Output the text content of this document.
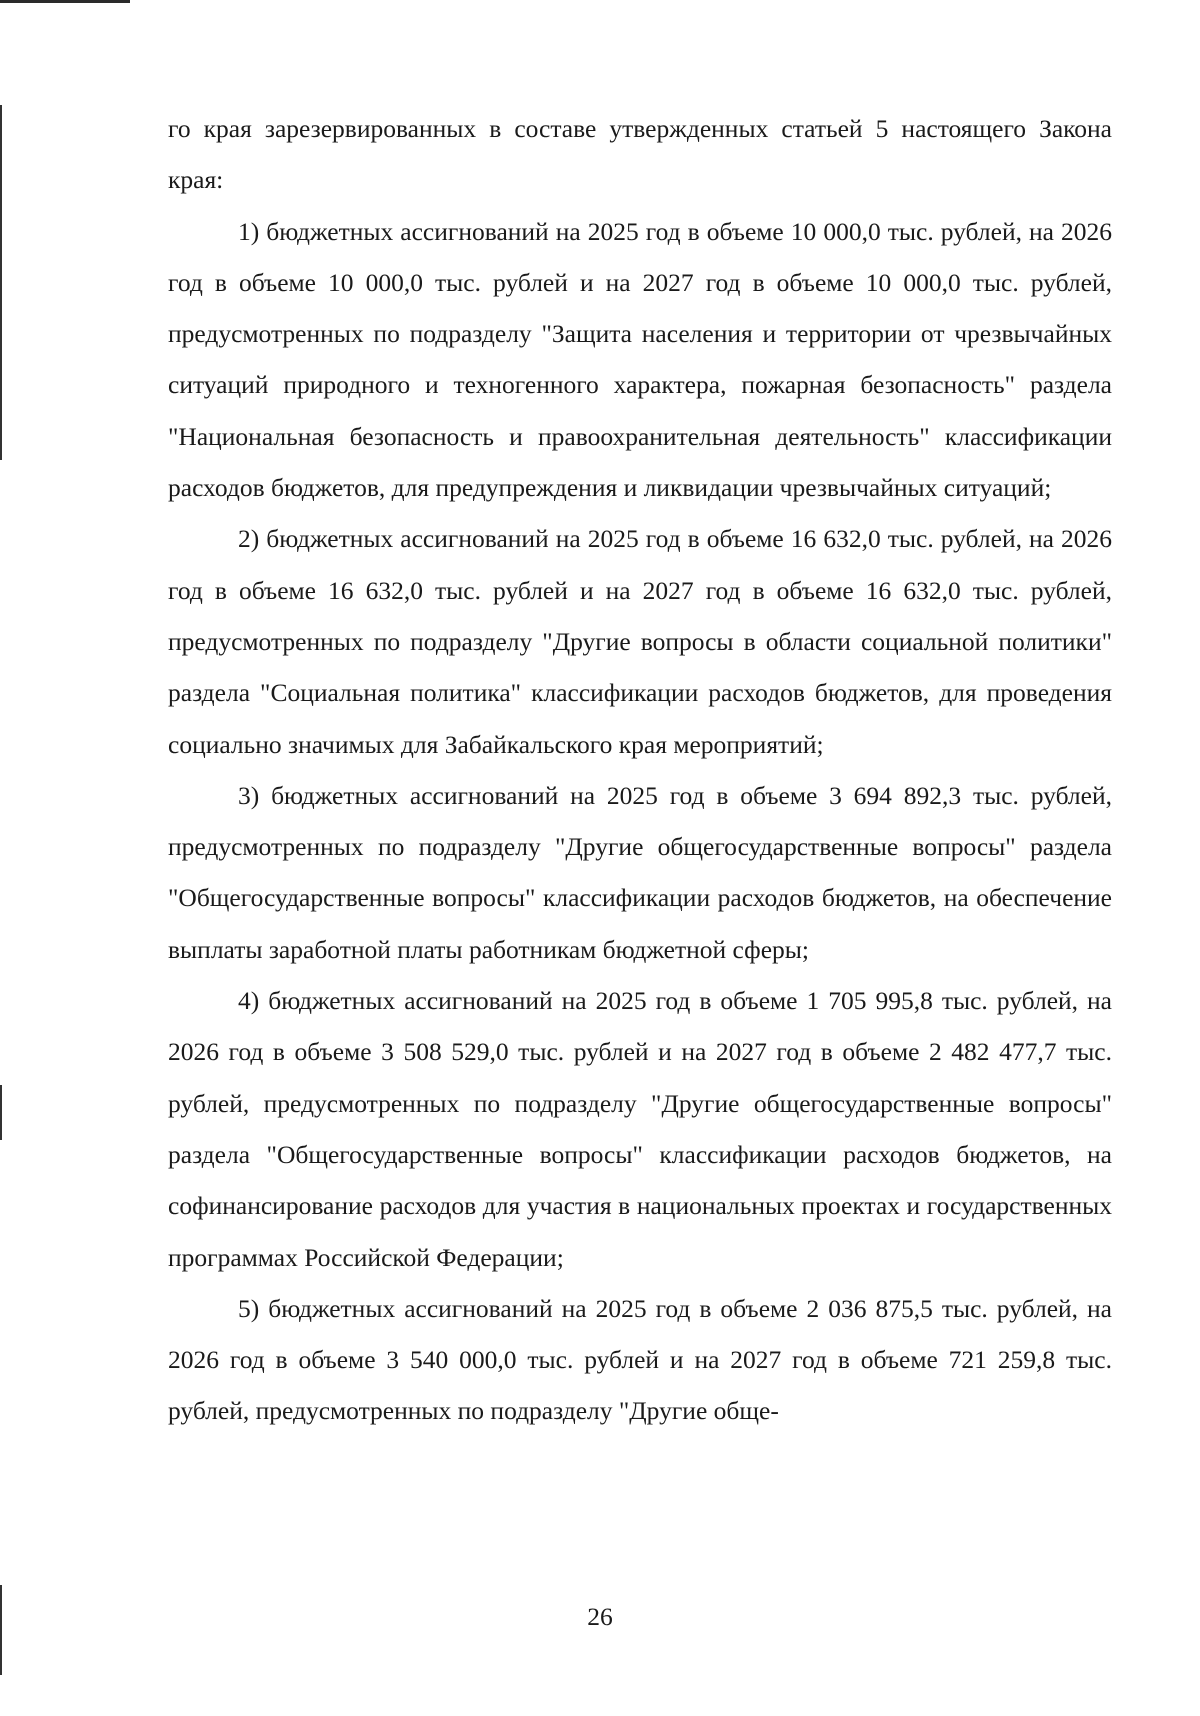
го края зарезервированных в составе утвержденных статьей 5 настоящего Закона края:

1) бюджетных ассигнований на 2025 год в объеме 10 000,0 тыс. рублей, на 2026 год в объеме 10 000,0 тыс. рублей и на 2027 год в объеме 10 000,0 тыс. рублей, предусмотренных по подразделу "Защита населения и территории от чрезвычайных ситуаций природного и техногенного характера, пожарная безопасность" раздела "Национальная безопасность и правоохранительная деятельность" классификации расходов бюджетов, для предупреждения и ликвидации чрезвычайных ситуаций;

2) бюджетных ассигнований на 2025 год в объеме 16 632,0 тыс. рублей, на 2026 год в объеме 16 632,0 тыс. рублей и на 2027 год в объеме 16 632,0 тыс. рублей, предусмотренных по подразделу "Другие вопросы в области социальной политики" раздела "Социальная политика" классификации расходов бюджетов, для проведения социально значимых для Забайкальского края мероприятий;

3) бюджетных ассигнований на 2025 год в объеме 3 694 892,3 тыс. рублей, предусмотренных по подразделу "Другие общегосударственные вопросы" раздела "Общегосударственные вопросы" классификации расходов бюджетов, на обеспечение выплаты заработной платы работникам бюджетной сферы;

4) бюджетных ассигнований на 2025 год в объеме 1 705 995,8 тыс. рублей, на 2026 год в объеме 3 508 529,0 тыс. рублей и на 2027 год в объеме 2 482 477,7 тыс. рублей, предусмотренных по подразделу "Другие общегосударственные вопросы" раздела "Общегосударственные вопросы" классификации расходов бюджетов, на софинансирование расходов для участия в национальных проектах и государственных программах Российской Федерации;

5) бюджетных ассигнований на 2025 год в объеме 2 036 875,5 тыс. рублей, на 2026 год в объеме 3 540 000,0 тыс. рублей и на 2027 год в объеме 721 259,8 тыс. рублей, предусмотренных по подразделу "Другие обще-

26
